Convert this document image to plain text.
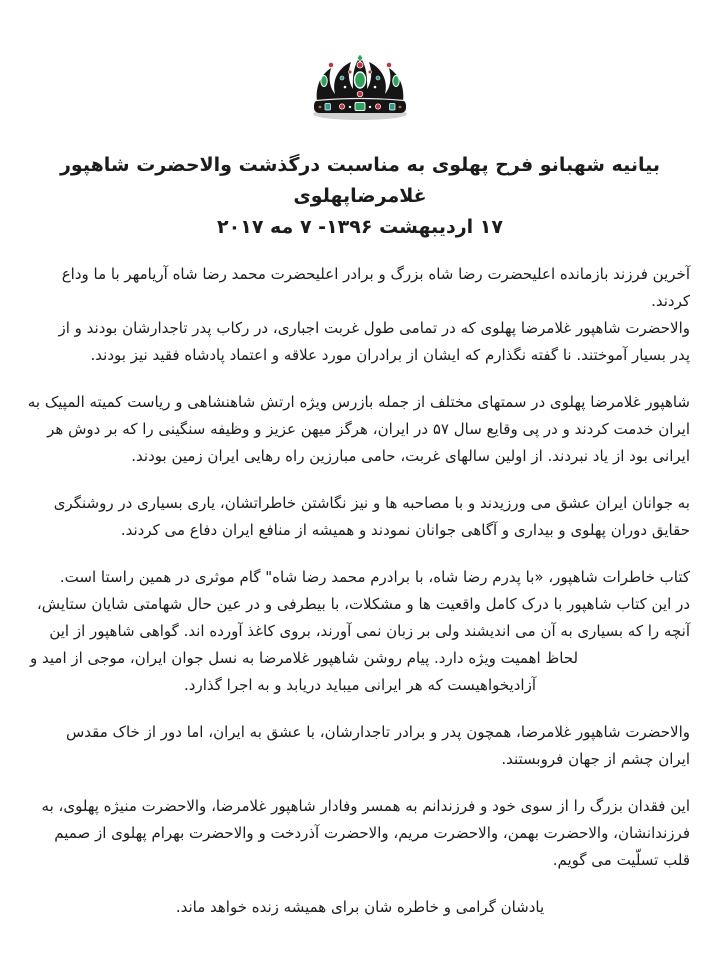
بیانیه شهبانو فرح پهلوی به مناسبت درگذشت والاحضرت شاهپور
غلامرضاپهلوی
۱۷ اردیبهشت ۱۳۹۶- ۷ مه ۲۰۱۷
آخرین فرزند بازمانده اعلیحضرت رضا شاه بزرگ و برادر اعلیحضرت محمد رضا شاه آریامهر با ما وداع
کردند.
والاحضرت شاهپور غلامرضا پهلوی که در تمامی طول غربت اجباری، در رکاب پدر تاجدارشان بودند و از
پدر بسیار آموختند. نا گفته نگذارم که ایشان از برادران مورد علاقه و اعتماد پادشاه فقید نیز بودند.
شاهپور غلامرضا پهلوی در سمتهای مختلف از جمله بازرس ویژه ارتش شاهنشاهی و ریاست کمیته المپیک به
ایران خدمت کردند و در پی وقایع سال ۵۷ در ایران، هرگز میهن عزیز و وظیفه سنگینی را که بر دوش هر
ایرانی بود از یاد نبردند. از اولین سالهای غربت، حامی مبارزین راه رهایی ایران زمین بودند.
به جوانان ایران عشق می ورزیدند و با مصاحبه ها و نیز نگاشتن خاطراتشان، یاری بسیاری در روشنگری
حقایق دوران پهلوی و بیداری و آگاهی جوانان نمودند و همیشه از منافع ایران دفاع می کردند.
کتاب خاطرات شاهپور، «با پدرم رضا شاه، با برادرم محمد رضا شاه" گام موثری در همین راستا است.
در این کتاب شاهپور با درک کامل واقعیت ها و مشکلات، با بیطرفی و در عین حال شهامتی شایان ستایش،
آنچه را که بسیاری به آن می اندیشند ولی بر زبان نمی آورند، بروی کاغذ آورده اند. گواهی شاهپور از این
لحاظ اهمیت ویژه دارد. پیام روشن شاهپور غلامرضا به نسل جوان ایران، موجی از امید و
آزادیخواهیست که هر ایرانی میباید دریابد و به اجرا گذارد.
والاحضرت شاهپور غلامرضا، همچون پدر و برادر تاجدارشان، با عشق به ایران، اما دور از خاک مقدس
ایران چشم از جهان فروبستند.
این فقدان بزرگ را از سوی خود و فرزندانم به همسر وفادار شاهپور غلامرضا، والاحضرت منیژه پهلوی، به
فرزندانشان، والاحضرت بهمن، والاحضرت مریم، والاحضرت آذردخت و والاحضرت بهرام پهلوی از صمیم
قلب تسلّیت می گویم.
یادشان گرامی و خاطره شان برای همیشه زنده خواهد ماند.
